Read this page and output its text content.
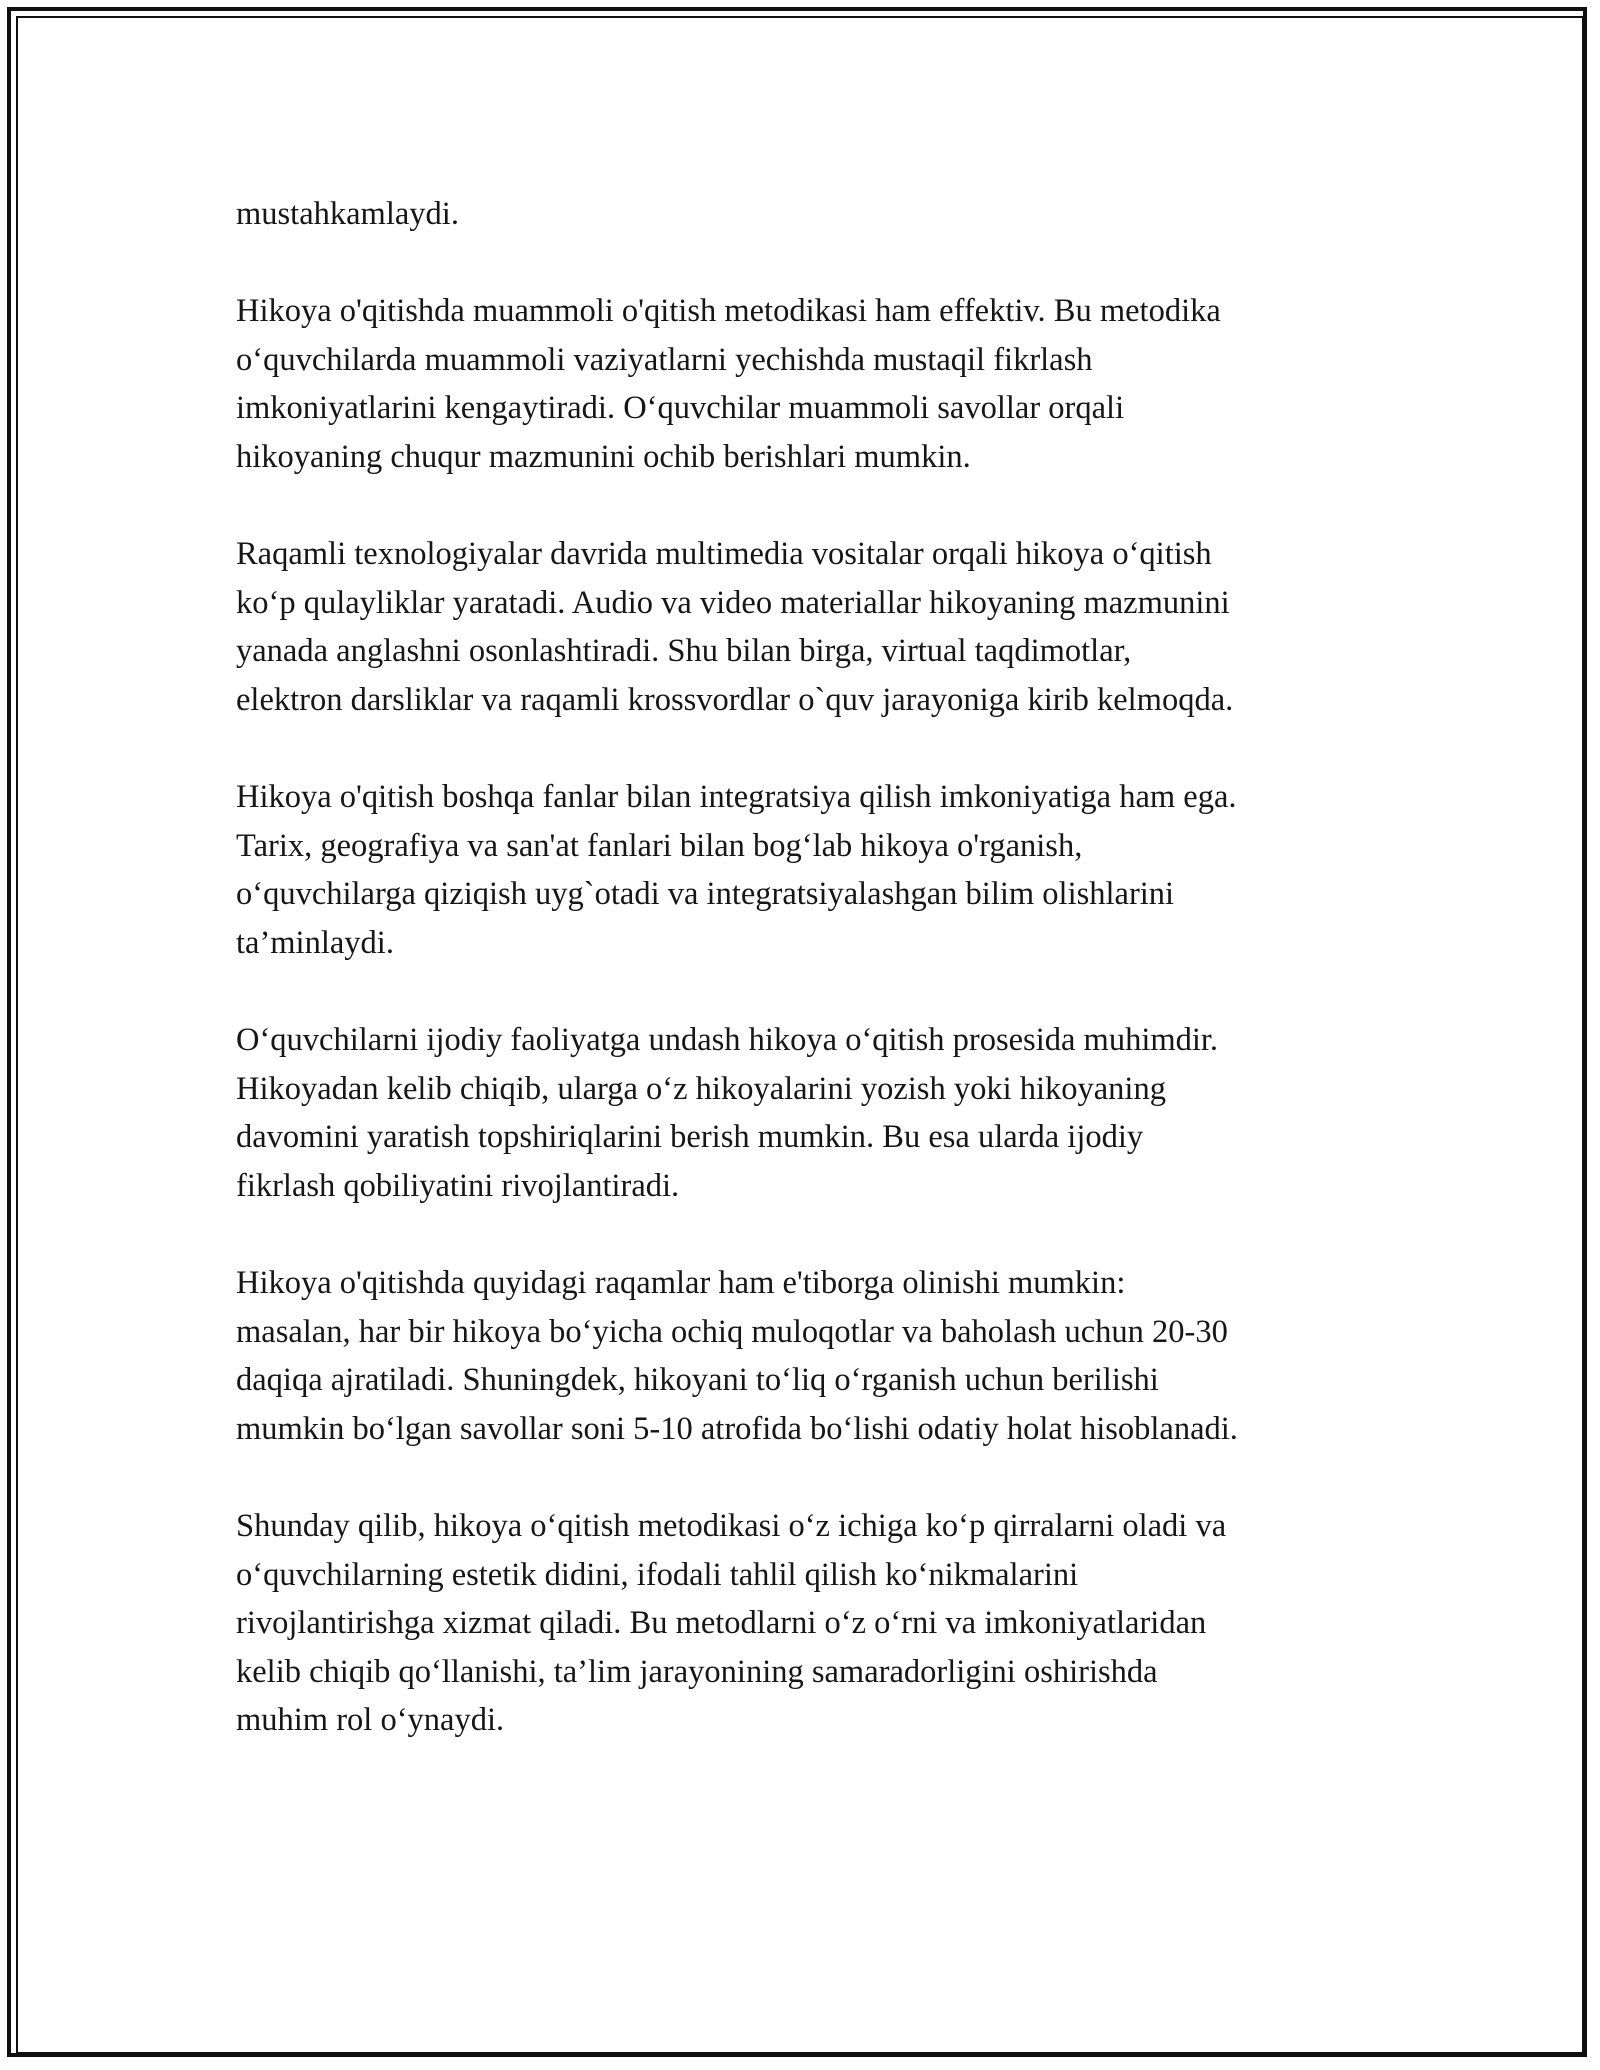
mustahkamlaydi.

Hikoya o'qitishda muammoli o'qitish metodikasi ham effektiv. Bu metodika
o‘quvchilarda muammoli vaziyatlarni yechishda mustaqil fikrlash
imkoniyatlarini kengaytiradi. O‘quvchilar muammoli savollar orqali
hikoyaning chuqur mazmunini ochib berishlari mumkin.

Raqamli texnologiyalar davrida multimedia vositalar orqali hikoya o‘qitish
ko‘p qulayliklar yaratadi. Audio va video materiallar hikoyaning mazmunini
yanada anglashni osonlashtiradi. Shu bilan birga, virtual taqdimotlar,
elektron darsliklar va raqamli krossvordlar o`quv jarayoniga kirib kelmoqda.

Hikoya o'qitish boshqa fanlar bilan integratsiya qilish imkoniyatiga ham ega.
Tarix, geografiya va san'at fanlari bilan bog‘lab hikoya o'rganish,
o‘quvchilarga qiziqish uyg`otadi va integratsiyalashgan bilim olishlarini
ta’minlaydi.

O‘quvchilarni ijodiy faoliyatga undash hikoya o‘qitish prosesida muhimdir.
Hikoyadan kelib chiqib, ularga o‘z hikoyalarini yozish yoki hikoyaning
davomini yaratish topshiriqlarini berish mumkin. Bu esa ularda ijodiy
fikrlash qobiliyatini rivojlantiradi.

Hikoya o'qitishda quyidagi raqamlar ham e'tiborga olinishi mumkin:
masalan, har bir hikoya bo‘yicha ochiq muloqotlar va baholash uchun 20-30
daqiqa ajratiladi. Shuningdek, hikoyani to‘liq o‘rganish uchun berilishi
mumkin bo‘lgan savollar soni 5-10 atrofida bo‘lishi odatiy holat hisoblanadi.

Shunday qilib, hikoya o‘qitish metodikasi o‘z ichiga ko‘p qirralarni oladi va
o‘quvchilarning estetik didini, ifodali tahlil qilish ko‘nikmalarini
rivojlantirishga xizmat qiladi. Bu metodlarni o‘z o‘rni va imkoniyatlaridan
kelib chiqib qo‘llanishi, ta’lim jarayonining samaradorligini oshirishda
muhim rol o‘ynaydi.
